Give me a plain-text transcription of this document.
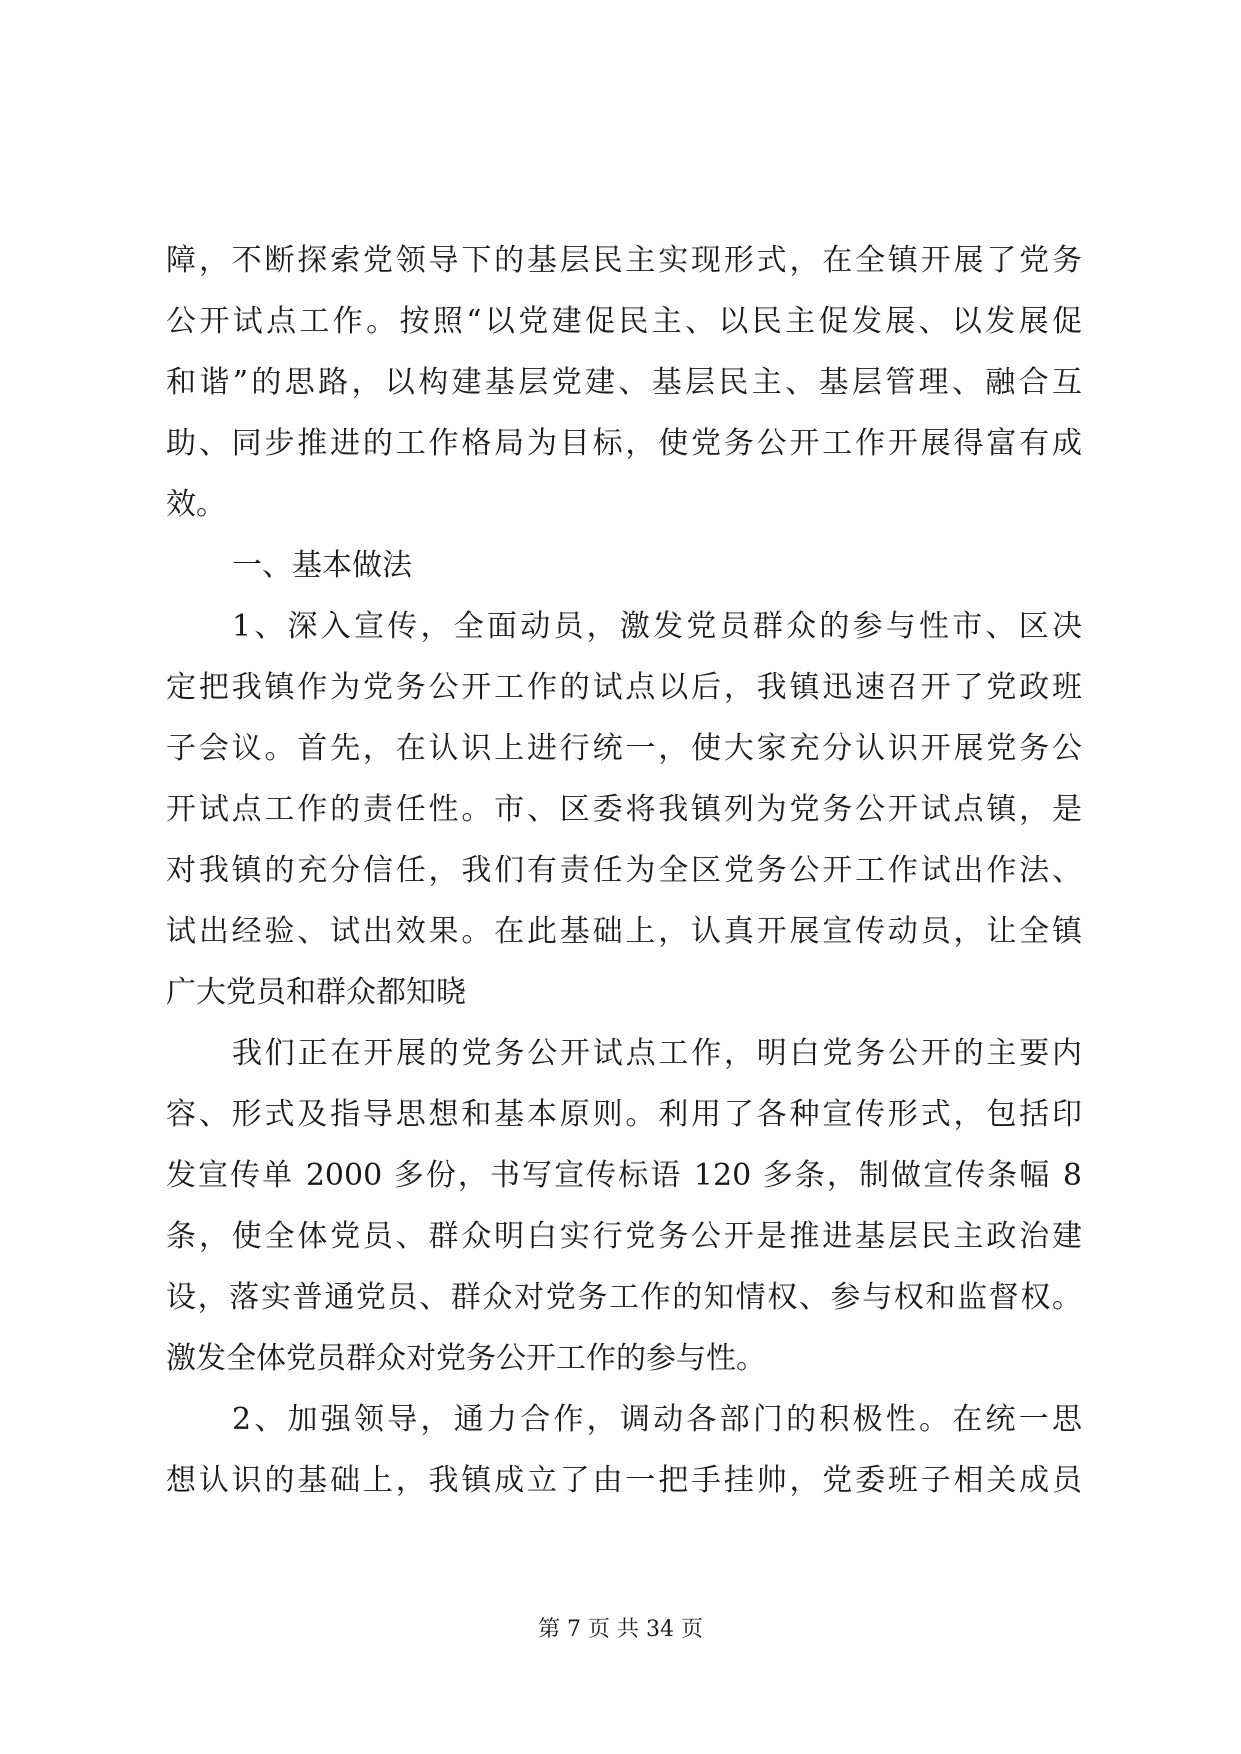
障，不断探索党领导下的基层民主实现形式，在全镇开展了党务
公开试点工作。按照“以党建促民主、以民主促发展、以发展促
和谐”的思路，以构建基层党建、基层民主、基层管理、融合互
助、同步推进的工作格局为目标，使党务公开工作开展得富有成
效。
一、基本做法
1、深入宣传，全面动员，激发党员群众的参与性市、区决
定把我镇作为党务公开工作的试点以后，我镇迅速召开了党政班
子会议。首先，在认识上进行统一，使大家充分认识开展党务公
开试点工作的责任性。市、区委将我镇列为党务公开试点镇，是
对我镇的充分信任，我们有责任为全区党务公开工作试出作法、
试出经验、试出效果。在此基础上，认真开展宣传动员，让全镇
广大党员和群众都知晓
我们正在开展的党务公开试点工作，明白党务公开的主要内
容、形式及指导思想和基本原则。利用了各种宣传形式，包括印
发宣传单 2000 多份，书写宣传标语 120 多条，制做宣传条幅 8
条，使全体党员、群众明白实行党务公开是推进基层民主政治建
设，落实普通党员、群众对党务工作的知情权、参与权和监督权。
激发全体党员群众对党务公开工作的参与性。
2、加强领导，通力合作，调动各部门的积极性。在统一思
想认识的基础上，我镇成立了由一把手挂帅，党委班子相关成员
第 7 页 共 34 页
